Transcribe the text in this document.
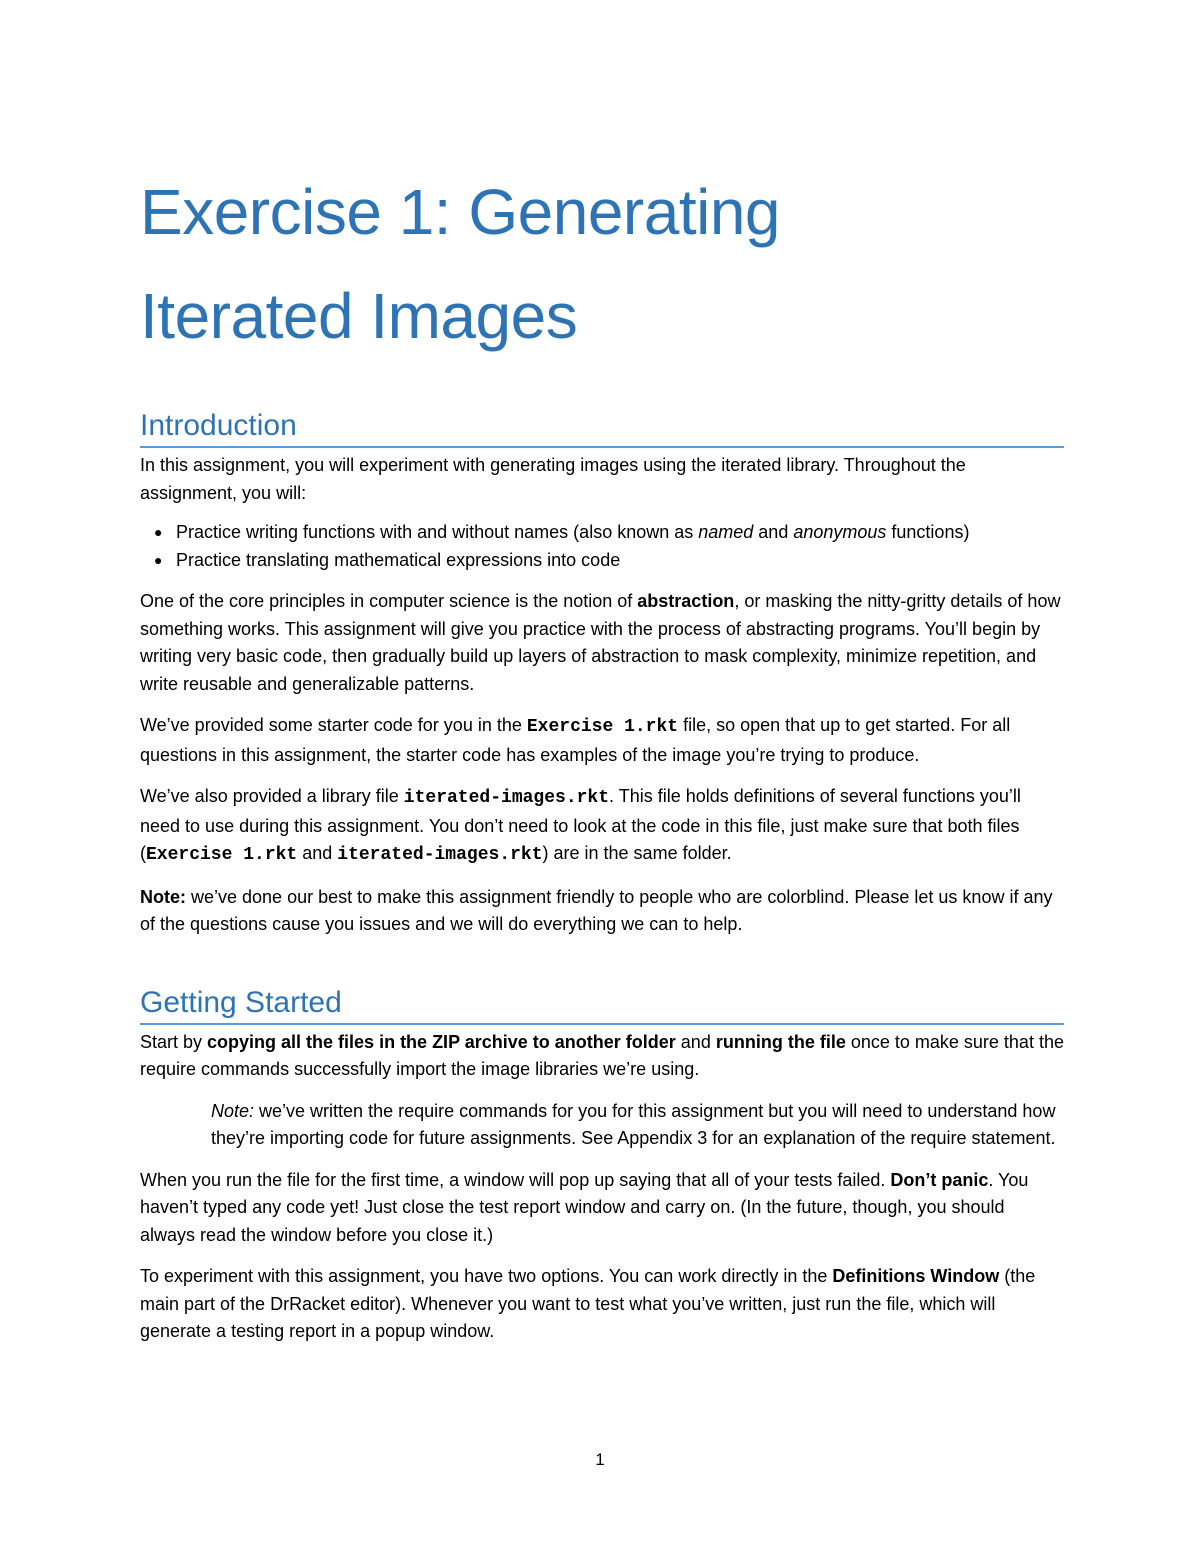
Exercise 1: Generating
Iterated Images
Introduction

In this assignment, you will experiment with generating images using the iterated library. Throughout the assignment, you will:

● Practice writing functions with and without names (also known as named and anonymous functions)
● Practice translating mathematical expressions into code

One of the core principles in computer science is the notion of abstraction, or masking the nitty-gritty details of how something works. This assignment will give you practice with the process of abstracting programs. You’ll begin by writing very basic code, then gradually build up layers of abstraction to mask complexity, minimize repetition, and write reusable and generalizable patterns.

We’ve provided some starter code for you in the Exercise 1.rkt file, so open that up to get started. For all questions in this assignment, the starter code has examples of the image you’re trying to produce.

We’ve also provided a library file iterated-images.rkt. This file holds definitions of several functions you’ll need to use during this assignment. You don’t need to look at the code in this file, just make sure that both files (Exercise 1.rkt and iterated-images.rkt) are in the same folder.

Note: we’ve done our best to make this assignment friendly to people who are colorblind. Please let us know if any of the questions cause you issues and we will do everything we can to help.

Getting Started

Start by copying all the files in the ZIP archive to another folder and running the file once to make sure that the require commands successfully import the image libraries we’re using.

Note: we’ve written the require commands for you for this assignment but you will need to understand how they’re importing code for future assignments. See Appendix 3 for an explanation of the require statement.

When you run the file for the first time, a window will pop up saying that all of your tests failed. Don’t panic. You haven’t typed any code yet! Just close the test report window and carry on. (In the future, though, you should always read the window before you close it.)

To experiment with this assignment, you have two options. You can work directly in the Definitions Window (the main part of the DrRacket editor). Whenever you want to test what you’ve written, just run the file, which will generate a testing report in a popup window.

1
